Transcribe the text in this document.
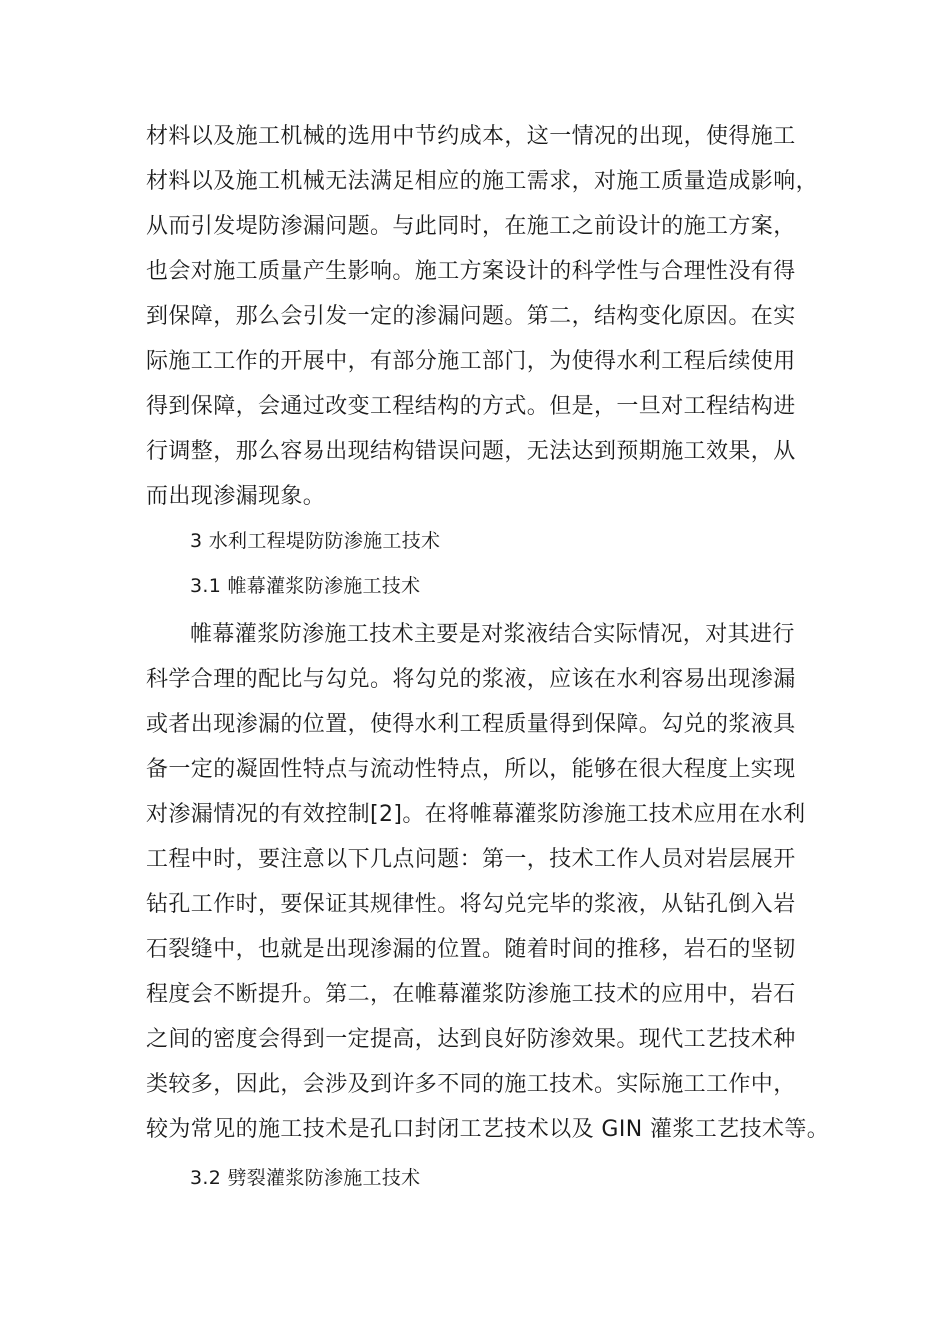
材料以及施工机械的选用中节约成本，这一情况的出现，使得施工
材料以及施工机械无法满足相应的施工需求，对施工质量造成影响，
从而引发堤防渗漏问题。与此同时，在施工之前设计的施工方案，
也会对施工质量产生影响。施工方案设计的科学性与合理性没有得
到保障，那么会引发一定的渗漏问题。第二，结构变化原因。在实
际施工工作的开展中，有部分施工部门，为使得水利工程后续使用
得到保障，会通过改变工程结构的方式。但是，一旦对工程结构进
行调整，那么容易出现结构错误问题，无法达到预期施工效果，从
而出现渗漏现象。
3 水利工程堤防防渗施工技术
3.1 帷幕灌浆防渗施工技术
帷幕灌浆防渗施工技术主要是对浆液结合实际情况，对其进行
科学合理的配比与勾兑。将勾兑的浆液，应该在水利容易出现渗漏
或者出现渗漏的位置，使得水利工程质量得到保障。勾兑的浆液具
备一定的凝固性特点与流动性特点，所以，能够在很大程度上实现
对渗漏情况的有效控制[2]。在将帷幕灌浆防渗施工技术应用在水利
工程中时，要注意以下几点问题：第一，技术工作人员对岩层展开
钻孔工作时，要保证其规律性。将勾兑完毕的浆液，从钻孔倒入岩
石裂缝中，也就是出现渗漏的位置。随着时间的推移，岩石的坚韧
程度会不断提升。第二，在帷幕灌浆防渗施工技术的应用中，岩石
之间的密度会得到一定提高，达到良好防渗效果。现代工艺技术种
类较多，因此，会涉及到许多不同的施工技术。实际施工工作中，
较为常见的施工技术是孔口封闭工艺技术以及 GIN 灌浆工艺技术等。
3.2 劈裂灌浆防渗施工技术
